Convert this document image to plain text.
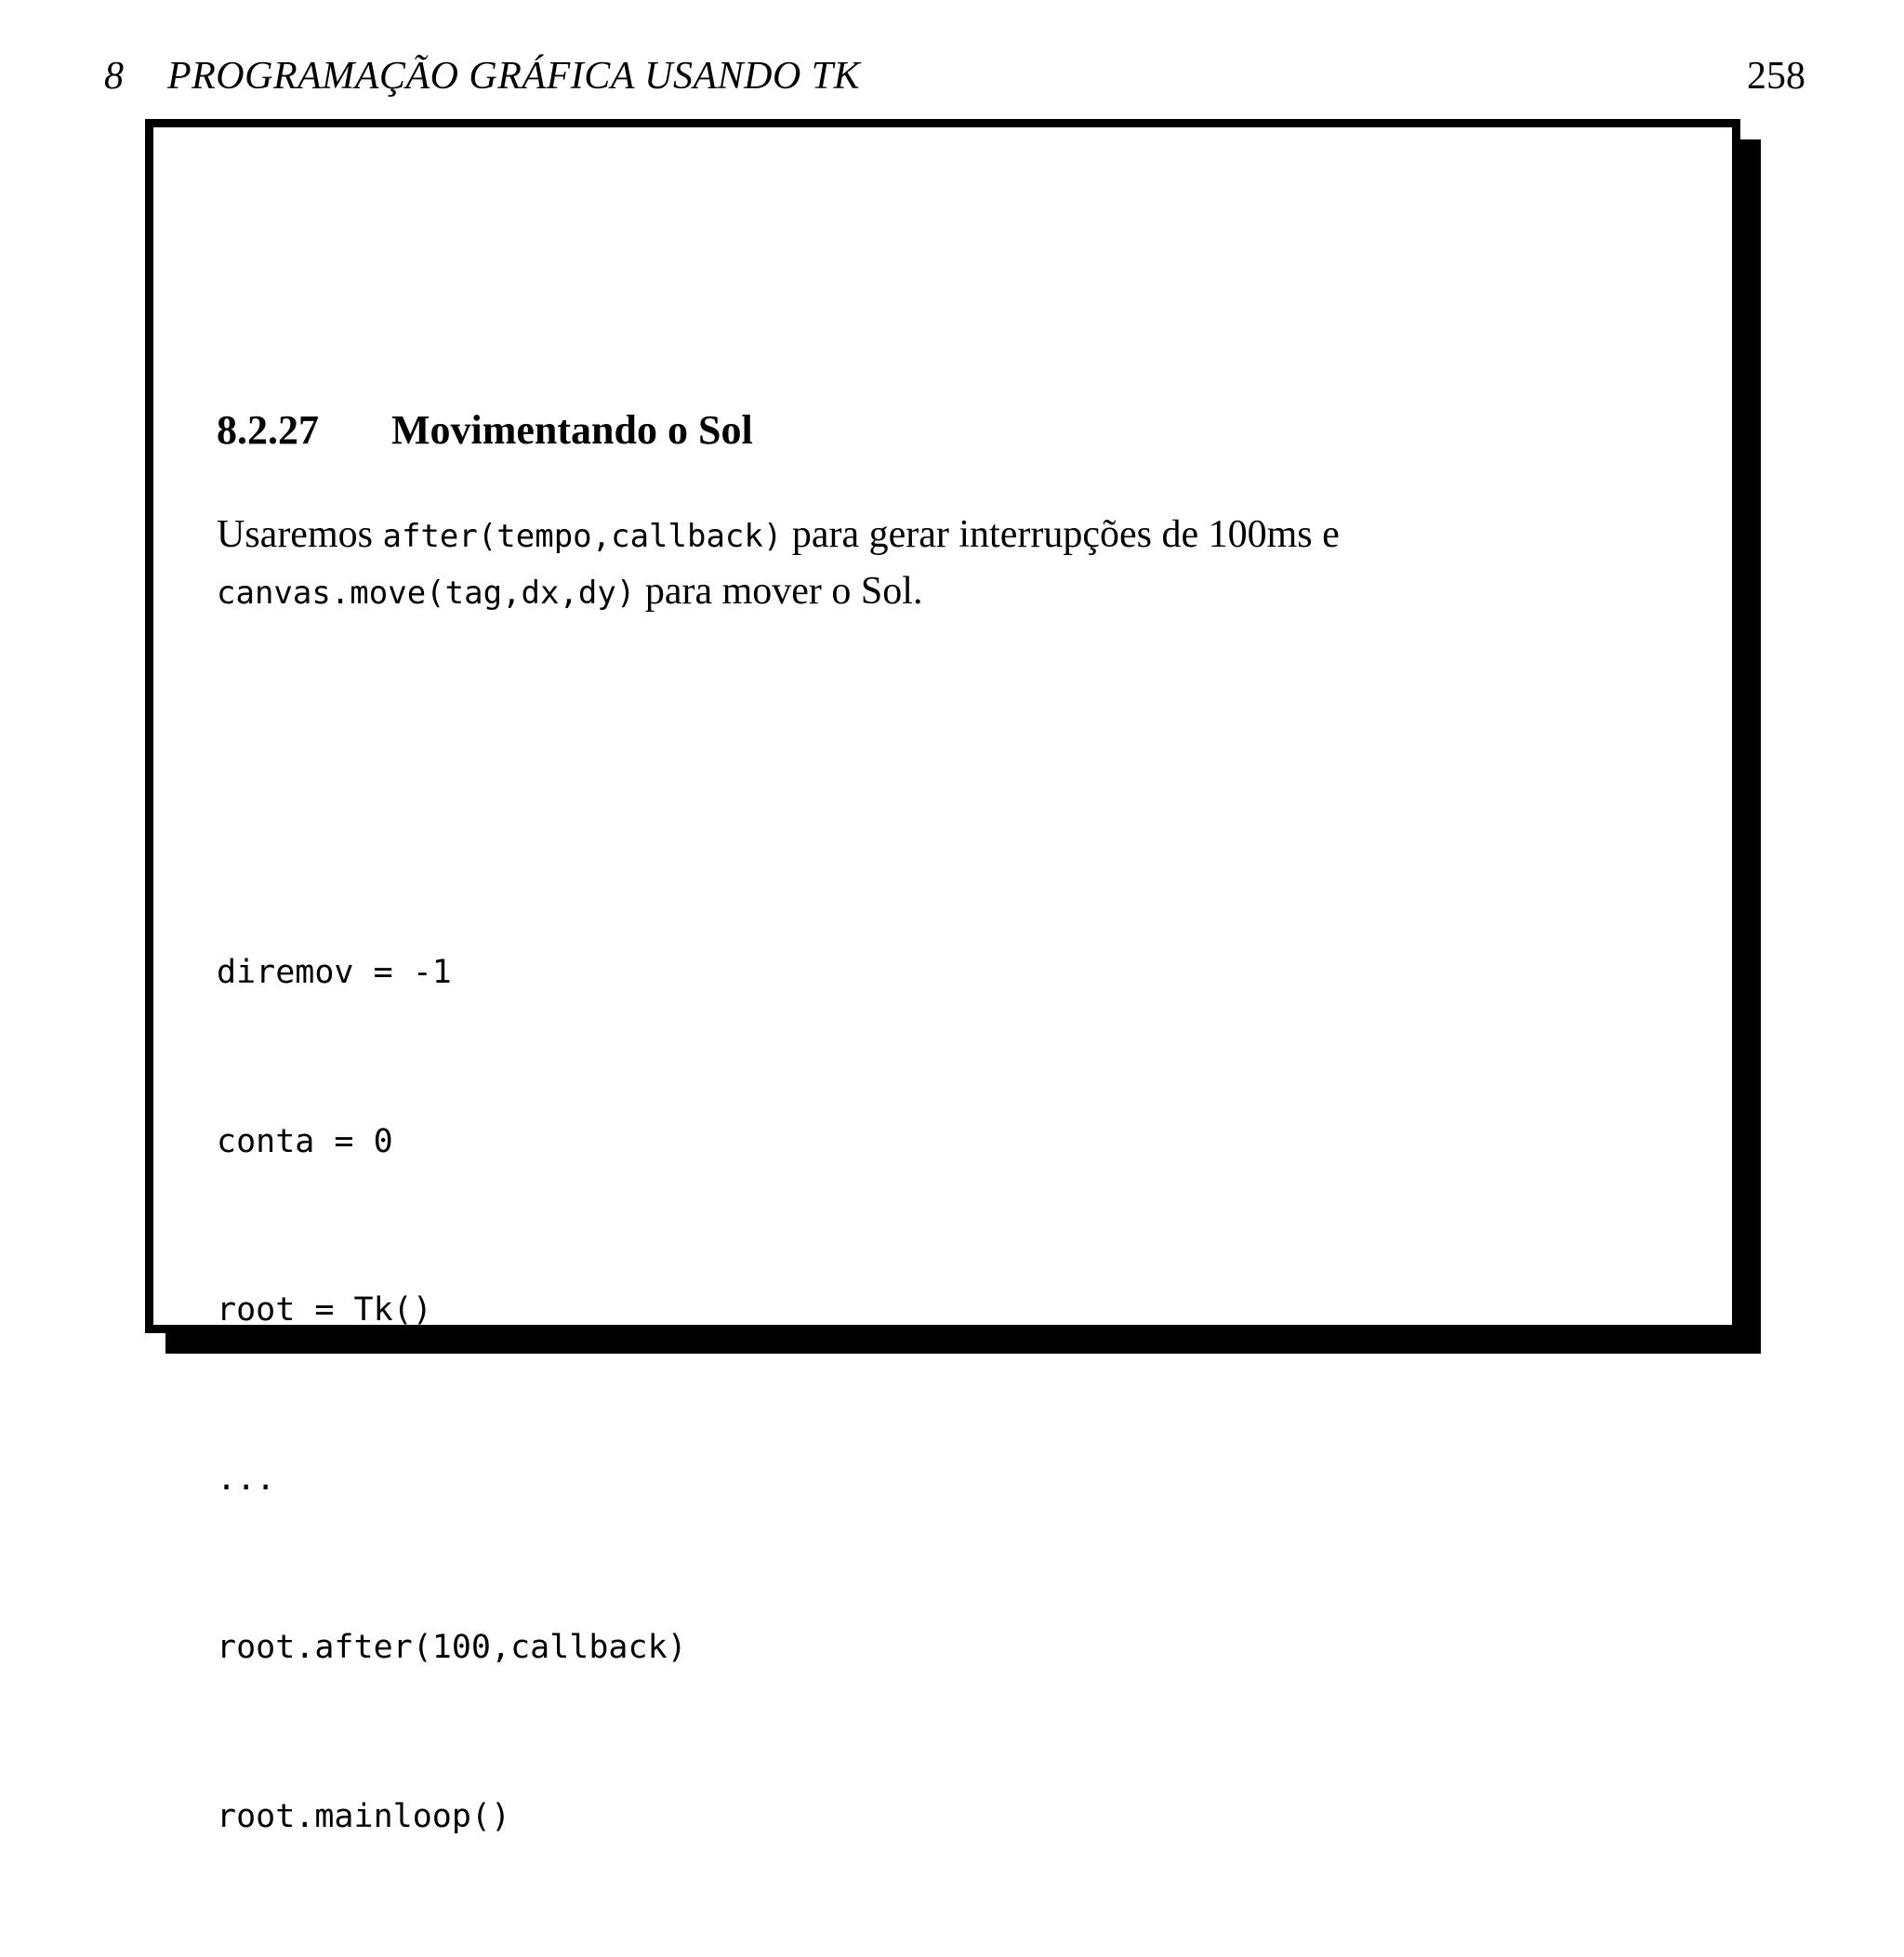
8 PROGRAMAÇÃO GRÁFICA USANDO TK	258
8.2.27 Movimentando o Sol
Usaremos after(tempo,callback) para gerar interrupções de 100ms e
canvas.move(tag,dx,dy) para mover o Sol.

diremov = -1

conta = 0

root = Tk()

...

root.after(100,callback)

root.mainloop()
